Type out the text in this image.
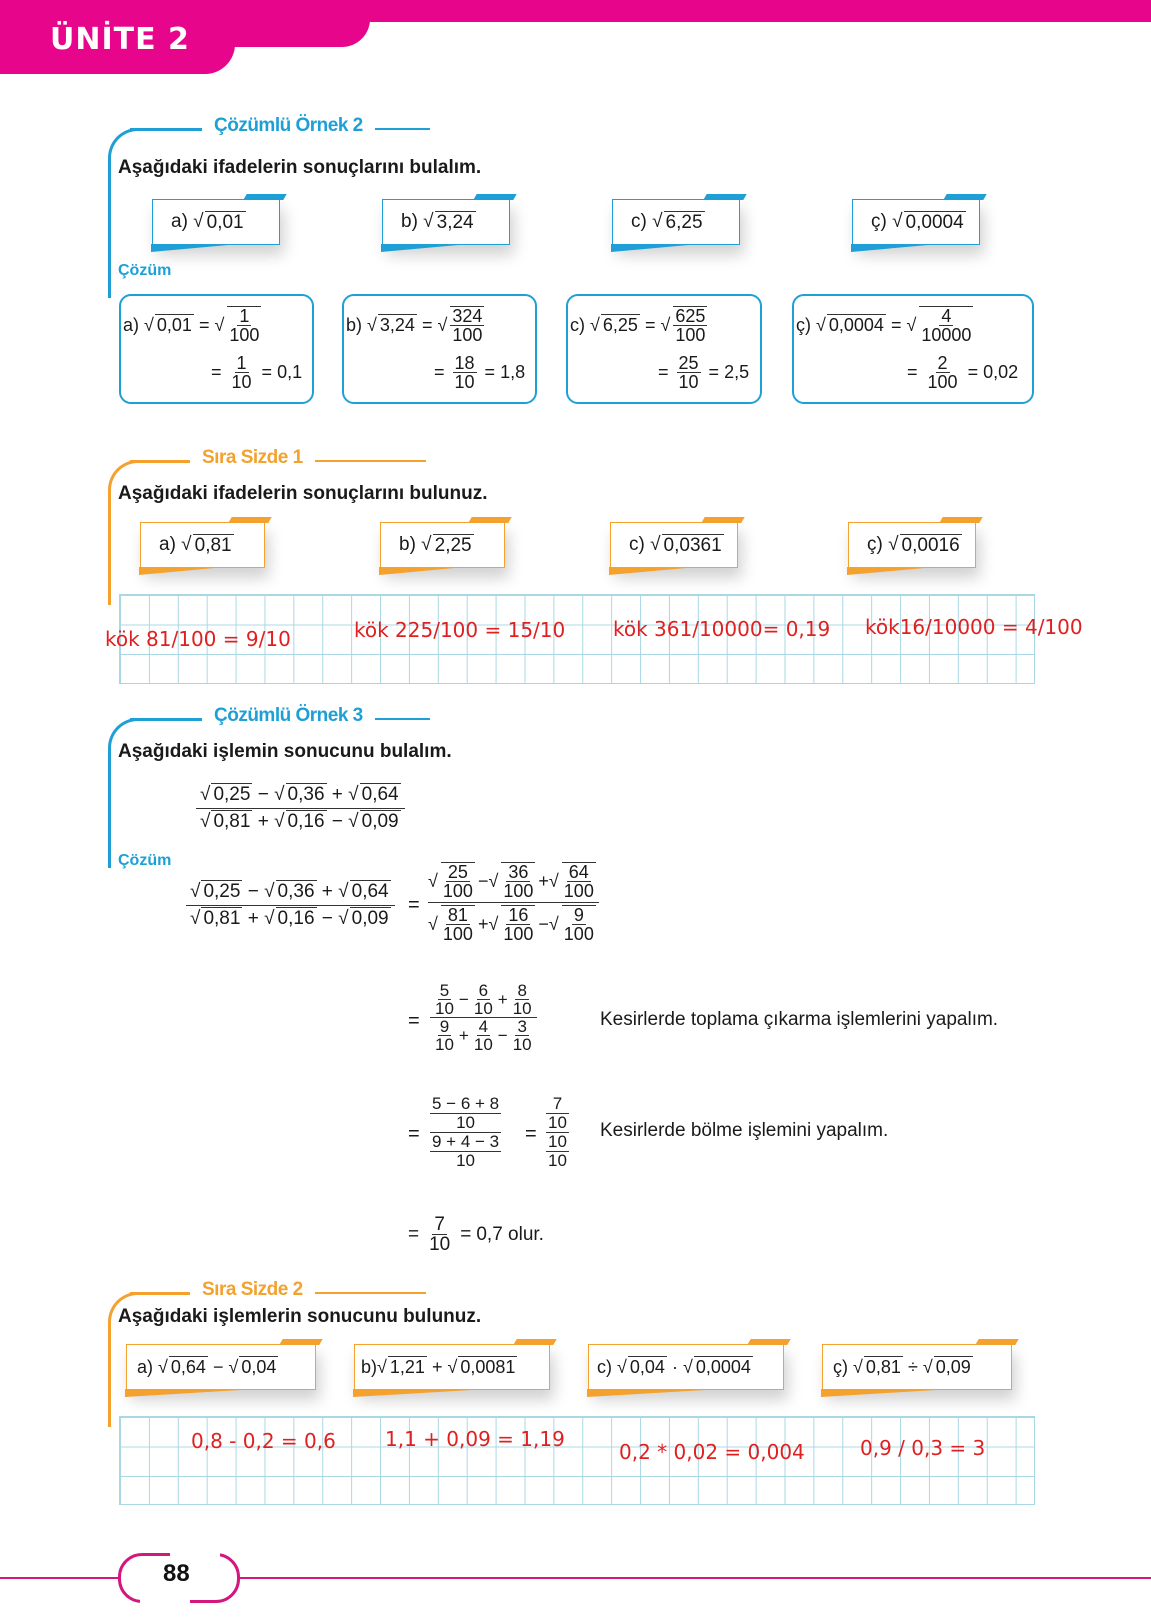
ÜNİTE 2
Çözümlü Örnek 2
Aşağıdaki ifadelerin sonuçlarını bulalım.
a) √ 0,01	b) √ 3,24	c) √ 6,25	ç) √ 0,0004
Çözüm
a) √ 0,01 = √ $\frac{1}{100}$
= $\frac{1}{10} = 0,1$
b) √ 3,24 = √ $\frac{324}{100}$
= $\frac{18}{10} = 1,8$
c) √ 6,25 = √ $\frac{625}{100}$
= $\frac{25}{10} = 2,5$
ç) √ 0,0004 = √ $\frac{4}{10000}$
= $\frac{2}{100} = 0,02$
Sıra Sizde 1
Aşağıdaki ifadelerin sonuçlarını bulunuz.
a) √ 0,81	b) √ 2,25	c) √ 0,0361	ç) √ 0,0016
kök 81/100 = 9/10	kök 225/100 = 15/10 kök 361/10000= 0,19 kök16/10000 = 4/100
Çözümlü Örnek 3
Aşağıdaki işlemin sonucunu bulalım.
$\frac{√ 0,25 - √ 0,36 + √ 0,64}{√ 0,81 + √ 0,16 - √ 0,09}$
Çözüm
√ 0,25 − √ 0,36 + √ 0,64
√ 0,81 + √ 0,16 − √ 0,09
=
√ $\frac{25}{100}$ − √ $\frac{36}{100}$ + √ $\frac{64}{100}$
√ $\frac{81}{100}$ + √ $\frac{16}{100}$ − √ $\frac{9}{100}$
=
$\frac{5}{10} - \frac{6}{10} + \frac{8}{10}$
$\frac{9}{10} + \frac{4}{10} - \frac{3}{10}$	Kesirlerde toplama çıkarma işlemlerini yapalım.
=
5 − 6 + 8
10
9 + 4 − 3
10
=
7
10
10
10
Kesirlerde bölme işlemini yapalım.
= $\frac{7}{10} = 0,7$ olur.
Sıra Sizde 2
Aşağıdaki işlemlerin sonucunu bulunuz.
a) √ 0,64
− √ 0,04	b) √ 1,21
+ √ 0,0081	c) √ 0,04
· √ 0,0004	ç) √ 0,81
÷ √ 0,09
0,8 - 0,2 = 0,6 1,1 + 0,09 = 1,19
0,2 * 0,02 = 0,004	0,9 / 0,3 = 3
88
